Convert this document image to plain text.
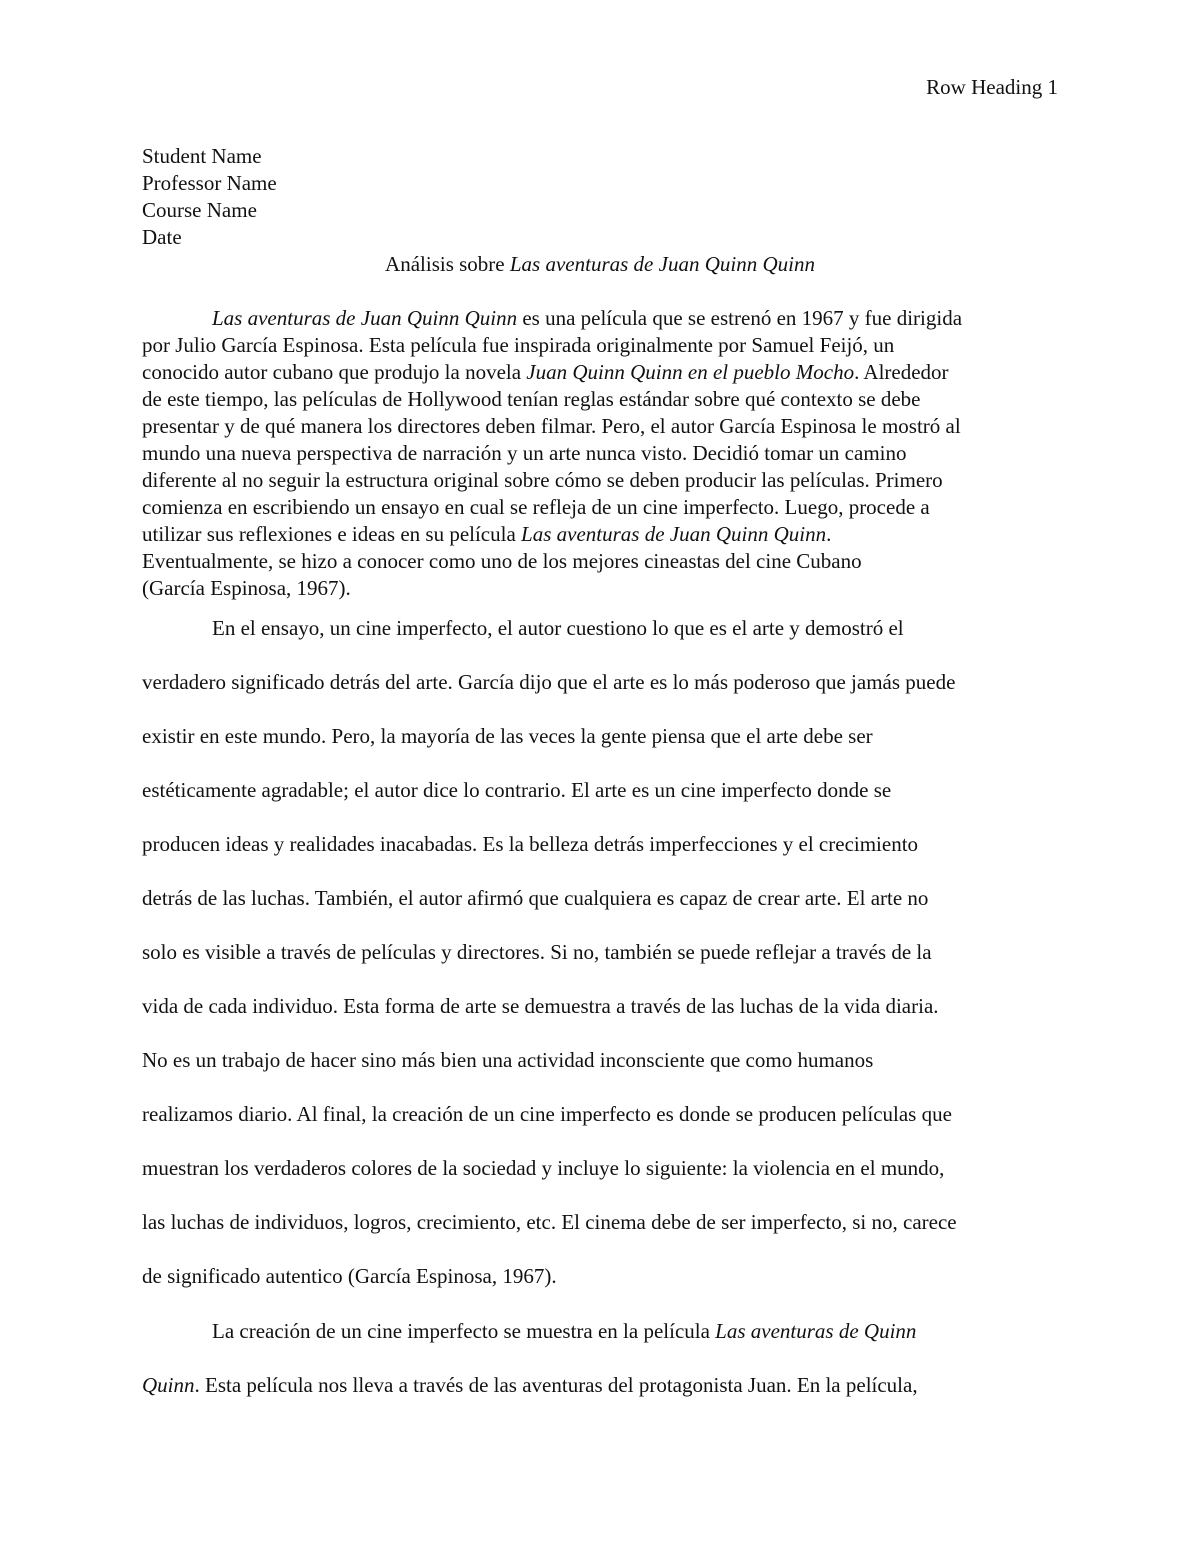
Row Heading 1
Student Name
Professor Name
Course Name
Date
Análisis sobre Las aventuras de Juan Quinn Quinn
Las aventuras de Juan Quinn Quinn es una película que se estrenó en 1967 y fue dirigida
por Julio García Espinosa. Esta película fue inspirada originalmente por Samuel Feijó, un
conocido autor cubano que produjo la novela Juan Quinn Quinn en el pueblo Mocho. Alrededor
de este tiempo, las películas de Hollywood tenían reglas estándar sobre qué contexto se debe
presentar y de qué manera los directores deben filmar. Pero, el autor García Espinosa le mostró al
mundo una nueva perspectiva de narración y un arte nunca visto. Decidió tomar un camino
diferente al no seguir la estructura original sobre cómo se deben producir las películas. Primero
comienza en escribiendo un ensayo en cual se refleja de un cine imperfecto. Luego, procede a
utilizar sus reflexiones e ideas en su película Las aventuras de Juan Quinn Quinn.
Eventualmente, se hizo a conocer como uno de los mejores cineastas del cine Cubano
(García Espinosa, 1967).
En el ensayo, un cine imperfecto, el autor cuestiono lo que es el arte y demostró el
verdadero significado detrás del arte. García dijo que el arte es lo más poderoso que jamás puede
existir en este mundo. Pero, la mayoría de las veces la gente piensa que el arte debe ser
estéticamente agradable; el autor dice lo contrario. El arte es un cine imperfecto donde se
producen ideas y realidades inacabadas. Es la belleza detrás imperfecciones y el crecimiento
detrás de las luchas. También, el autor afirmó que cualquiera es capaz de crear arte. El arte no
solo es visible a través de películas y directores. Si no, también se puede reflejar a través de la
vida de cada individuo. Esta forma de arte se demuestra a través de las luchas de la vida diaria.
No es un trabajo de hacer sino más bien una actividad inconsciente que como humanos
realizamos diario. Al final, la creación de un cine imperfecto es donde se producen películas que
muestran los verdaderos colores de la sociedad y incluye lo siguiente: la violencia en el mundo,
las luchas de individuos, logros, crecimiento, etc. El cinema debe de ser imperfecto, si no, carece
de significado autentico (García Espinosa, 1967).
La creación de un cine imperfecto se muestra en la película Las aventuras de Quinn
Quinn. Esta película nos lleva a través de las aventuras del protagonista Juan. En la película,
